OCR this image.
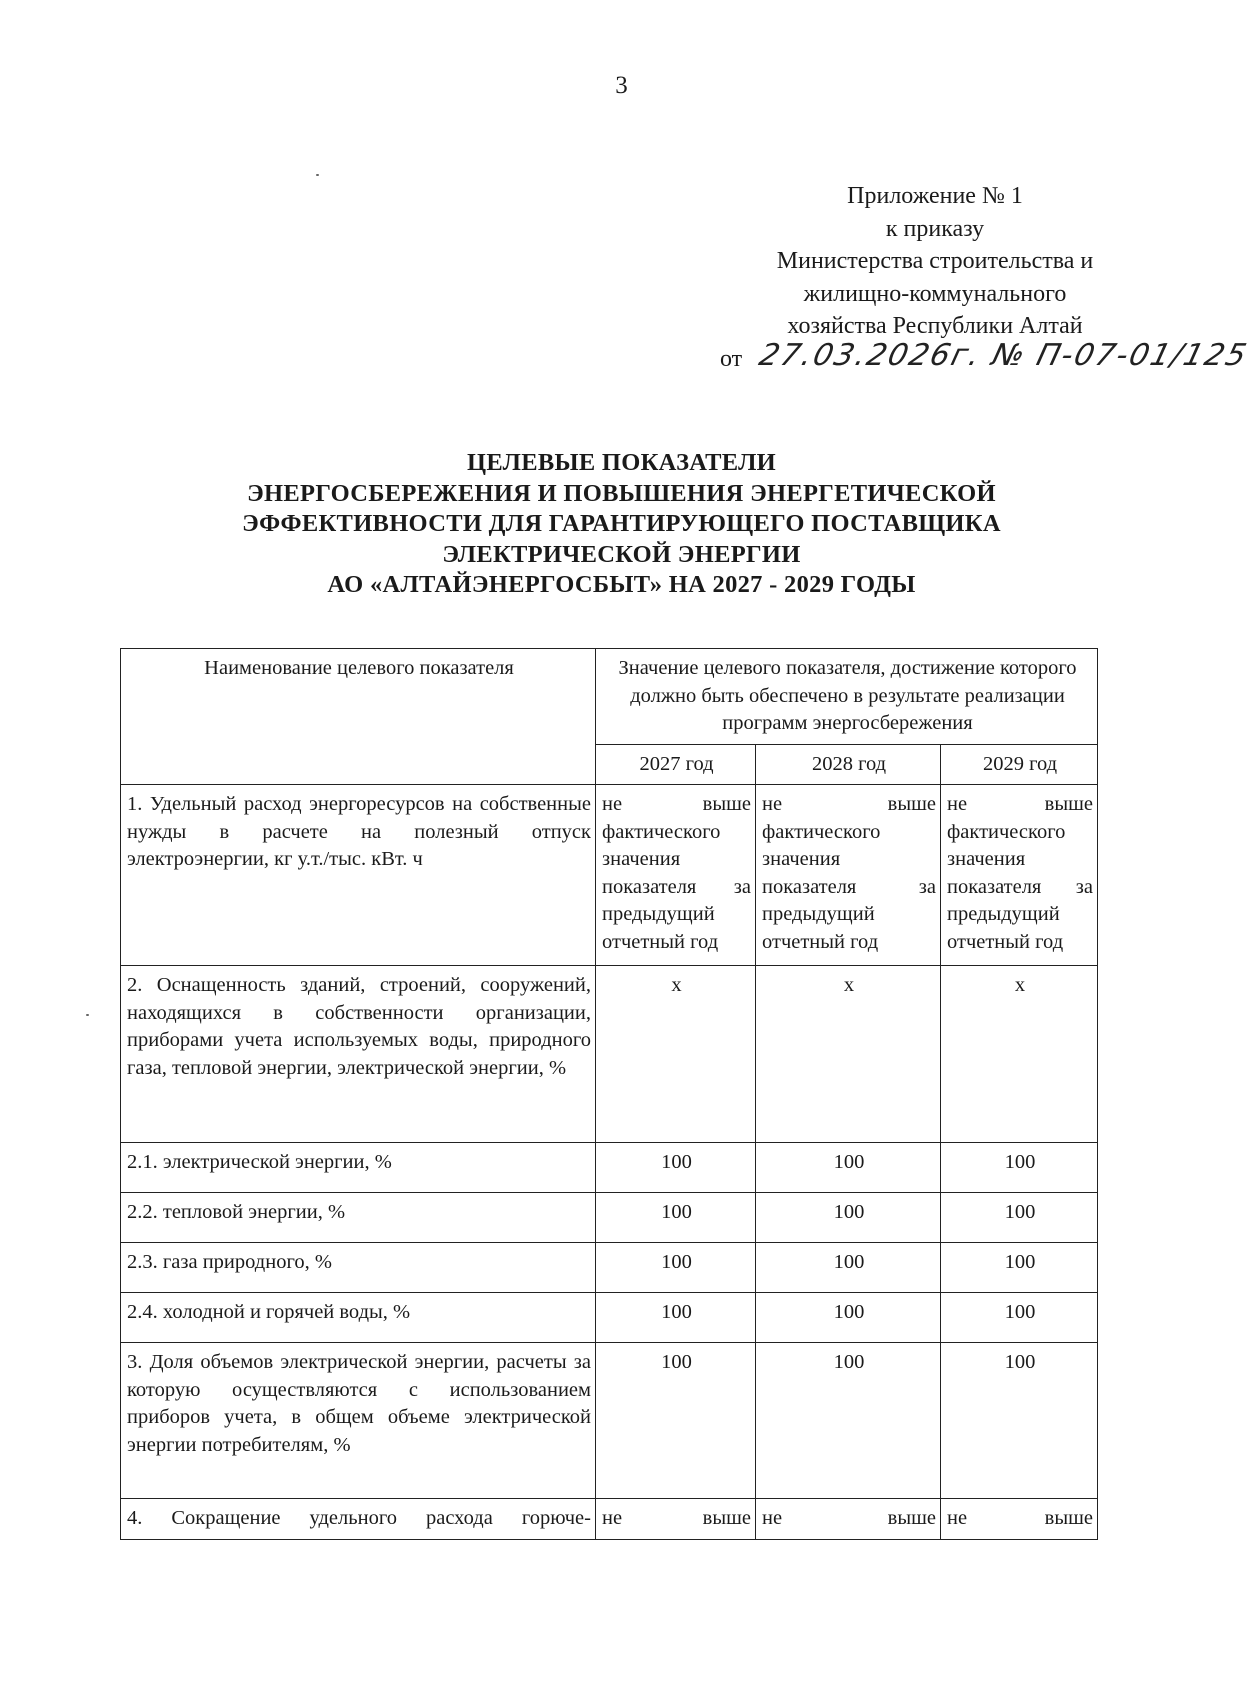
3
Приложение № 1
к приказу
Министерства строительства и
жилищно-коммунального
хозяйства Республики Алтай
от 27.03.2026г. № П-07-01/125
ЦЕЛЕВЫЕ ПОКАЗАТЕЛИ
ЭНЕРГОСБЕРЕЖЕНИЯ И ПОВЫШЕНИЯ ЭНЕРГЕТИЧЕСКОЙ
ЭФФЕКТИВНОСТИ ДЛЯ ГАРАНТИРУЮЩЕГО ПОСТАВЩИКА
ЭЛЕКТРИЧЕСКОЙ ЭНЕРГИИ
АО «АЛТАЙЭНЕРГОСБЫТ» НА 2027 - 2029 ГОДЫ
Наименование целевого показателя	Значение целевого показателя, достижение которого должно быть обеспечено в результате реализации программ энергосбережения		
	2027 год	2028 год	2029 год
1. Удельный расход энергоресурсов на собственные нужды в расчете на полезный отпуск электроэнергии, кг у.т./тыс. кВт. ч	не выше фактического значения показателя за предыдущий отчетный год	не выше фактического значения показателя за предыдущий отчетный год	не выше фактического значения показателя за предыдущий отчетный год
2. Оснащенность зданий, строений, сооружений, находящихся в собственности организации, приборами учета используемых воды, природного газа, тепловой энергии, электрической энергии, %	x	x	x
2.1. электрической энергии, %	100	100	100
2.2. тепловой энергии, %	100	100	100
2.3. газа природного, %	100	100	100
2.4. холодной и горячей воды, %	100	100	100
3. Доля объемов электрической энергии, расчеты за которую осуществляются с использованием приборов учета, в общем объеме электрической энергии потребителям, %	100	100	100
4. Сокращение удельного расхода горюче-	не выше	не выше	не выше
